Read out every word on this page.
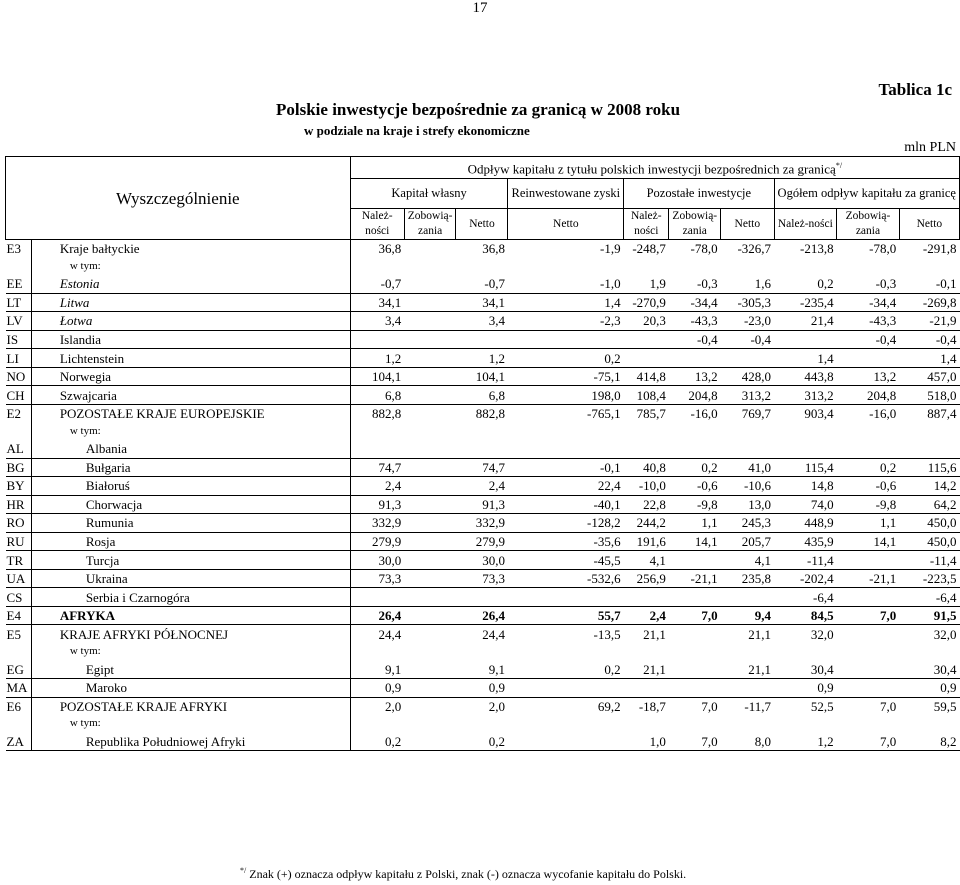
17
Tablica 1c
Polskie inwestycje bezpośrednie za granicą w 2008 roku
w podziale na kraje i strefy ekonomiczne
mln PLN
Wyszczególnienie		Odpływ kapitału z tytułu polskich inwestycji bezpośrednich za granicą*/
		Kapitał własny			Reinwestowane zyski	Pozostałe inwestycje			Ogółem odpływ kapitału za granicę		
		Należ-ności	Zobowią-zania	Netto	Netto	Należ-ności	Zobowią-zania	Netto	Należ-ności	Zobowią-zania	Netto
E3	Kraje bałtyckie	36,8		36,8	-1,9	-248,7	-78,0	-326,7	-213,8	-78,0	-291,8
	w tym:										
EE	Estonia	-0,7		-0,7	-1,0	1,9	-0,3	1,6	0,2	-0,3	-0,1
LT	Litwa	34,1		34,1	1,4	-270,9	-34,4	-305,3	-235,4	-34,4	-269,8
LV	Łotwa	3,4		3,4	-2,3	20,3	-43,3	-23,0	21,4	-43,3	-21,9
IS	Islandia						-0,4	-0,4		-0,4	-0,4
LI	Lichtenstein	1,2		1,2	0,2				1,4		1,4
NO	Norwegia	104,1		104,1	-75,1	414,8	13,2	428,0	443,8	13,2	457,0
CH	Szwajcaria	6,8		6,8	198,0	108,4	204,8	313,2	313,2	204,8	518,0
E2	POZOSTAŁE KRAJE EUROPEJSKIE	882,8		882,8	-765,1	785,7	-16,0	769,7	903,4	-16,0	887,4
	w tym:										
AL	Albania										
BG	Bułgaria	74,7		74,7	-0,1	40,8	0,2	41,0	115,4	0,2	115,6
BY	Białoruś	2,4		2,4	22,4	-10,0	-0,6	-10,6	14,8	-0,6	14,2
HR	Chorwacja	91,3		91,3	-40,1	22,8	-9,8	13,0	74,0	-9,8	64,2
RO	Rumunia	332,9		332,9	-128,2	244,2	1,1	245,3	448,9	1,1	450,0
RU	Rosja	279,9		279,9	-35,6	191,6	14,1	205,7	435,9	14,1	450,0
TR	Turcja	30,0		30,0	-45,5	4,1		4,1	-11,4		-11,4
UA	Ukraina	73,3		73,3	-532,6	256,9	-21,1	235,8	-202,4	-21,1	-223,5
CS	Serbia i Czarnogóra								-6,4		-6,4
E4	AFRYKA	26,4		26,4	55,7	2,4	7,0	9,4	84,5	7,0	91,5
E5	KRAJE AFRYKI PÓŁNOCNEJ	24,4		24,4	-13,5	21,1		21,1	32,0		32,0
	w tym:										
EG	Egipt	9,1		9,1	0,2	21,1		21,1	30,4		30,4
MA	Maroko	0,9		0,9					0,9		0,9
E6	POZOSTAŁE KRAJE AFRYKI	2,0		2,0	69,2	-18,7	7,0	-11,7	52,5	7,0	59,5
	w tym:										
ZA	Republika Południowej Afryki	0,2		0,2		1,0	7,0	8,0	1,2	7,0	8,2
*/ Znak (+) oznacza odpływ kapitału z Polski, znak (-) oznacza wycofanie kapitału do Polski.
